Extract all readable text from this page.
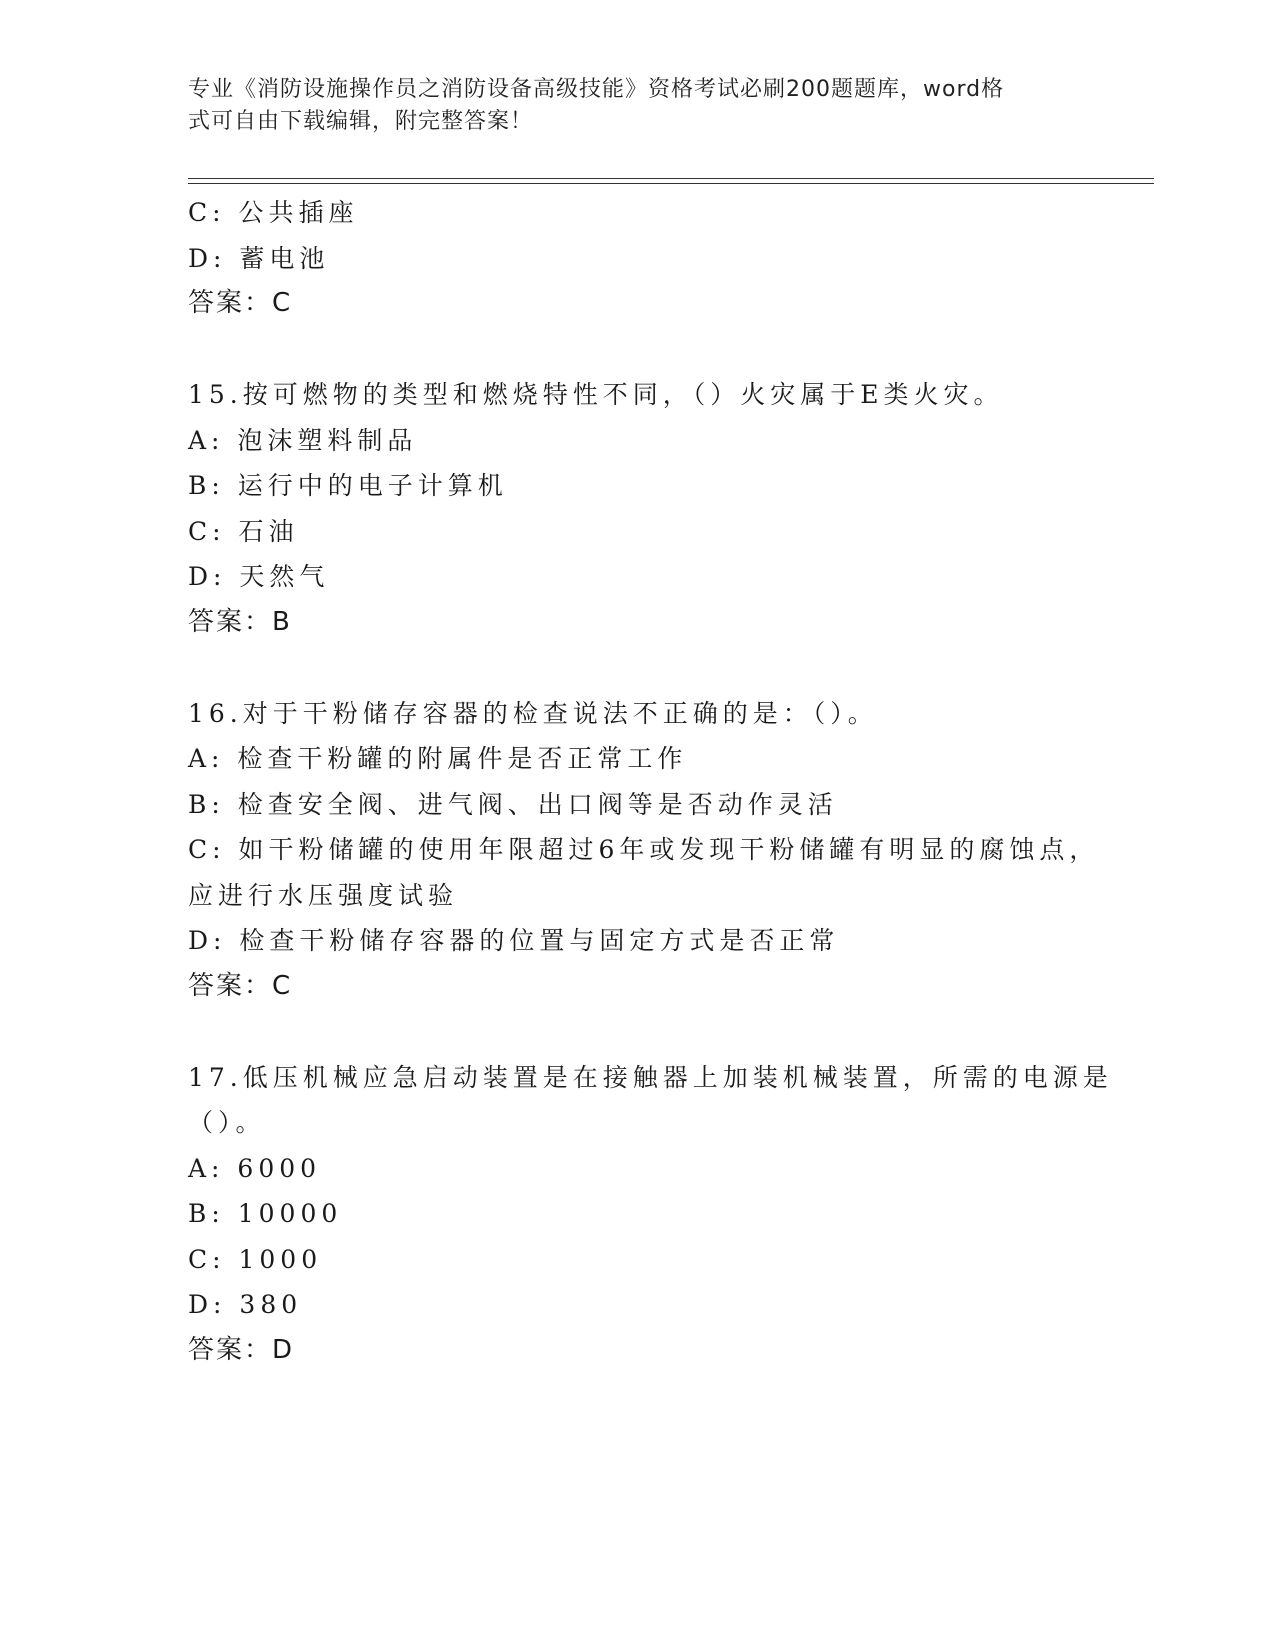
专业《消防设施操作员之消防设备高级技能》资格考试必刷200题题库，word格
式可自由下载编辑，附完整答案！
C: 公共插座
D: 蓄电池
答案：C
15.按可燃物的类型和燃烧特性不同，（）火灾属于E类火灾。
A: 泡沫塑料制品
B: 运行中的电子计算机
C: 石油
D: 天然气
答案：B
16.对于干粉储存容器的检查说法不正确的是：（）。
A: 检查干粉罐的附属件是否正常工作
B: 检查安全阀、进气阀、出口阀等是否动作灵活
C: 如干粉储罐的使用年限超过6年或发现干粉储罐有明显的腐蚀点，
应进行水压强度试验
D: 检查干粉储存容器的位置与固定方式是否正常
答案：C
17.低压机械应急启动装置是在接触器上加装机械装置，所需的电源是
（）。
A: 6000
B: 10000
C: 1000
D: 380
答案：D
